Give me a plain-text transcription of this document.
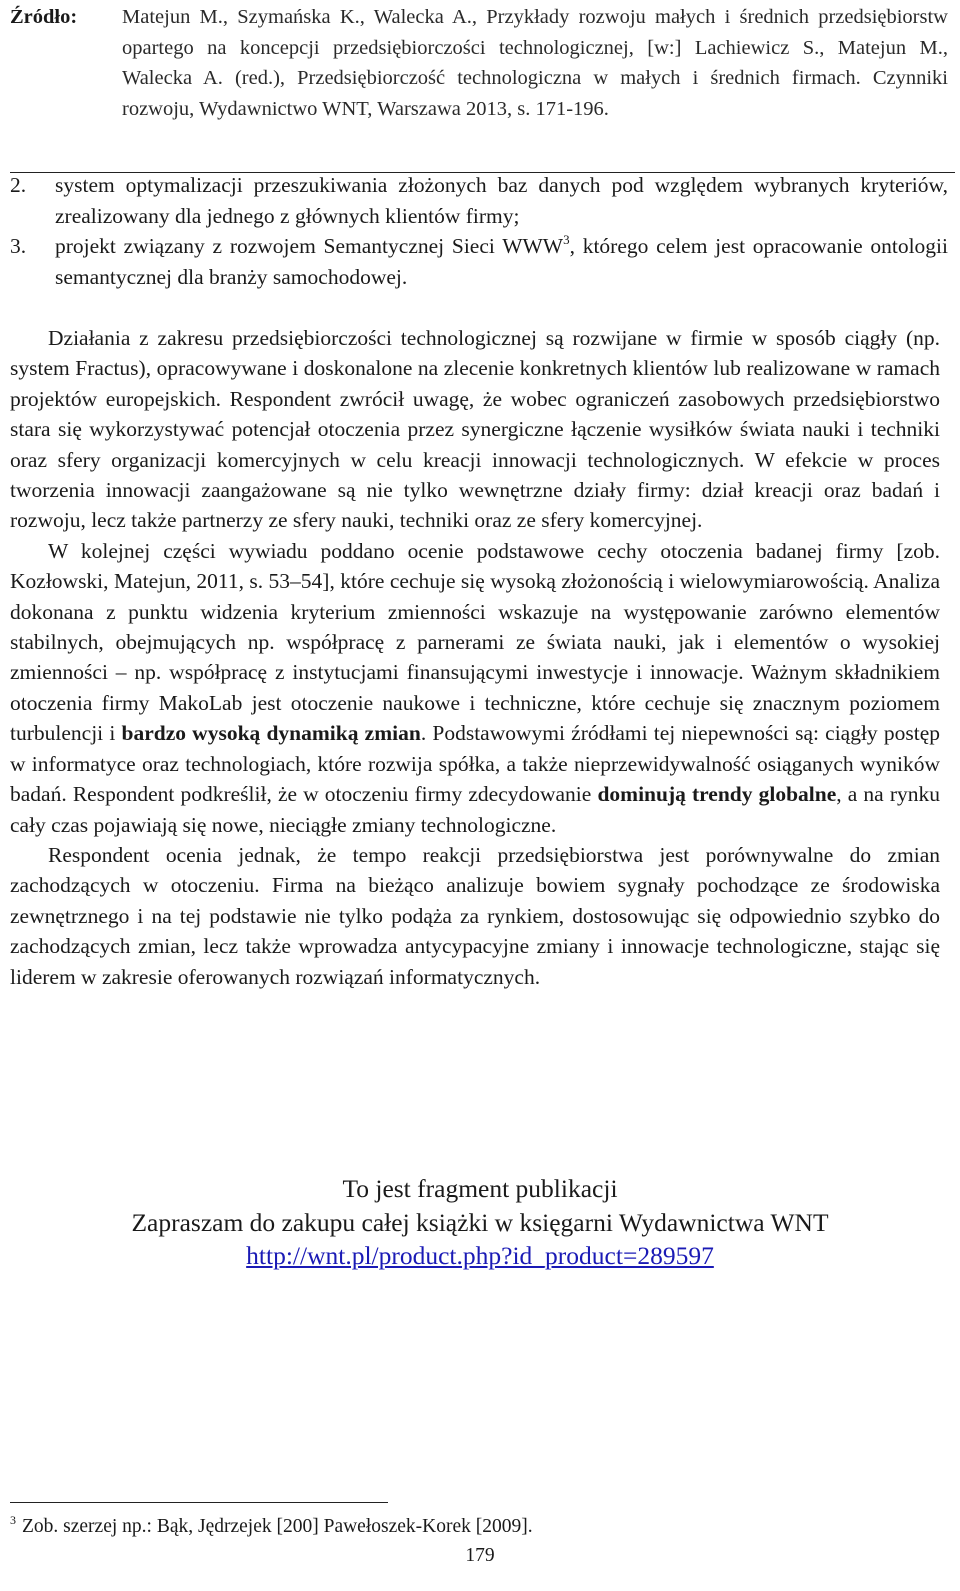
Źródło:	Matejun M., Szymańska K., Walecka A., Przykłady rozwoju małych i średnich przedsiębiorstw opartego na koncepcji przedsiębiorczości technologicznej, [w:] Lachiewicz S., Matejun M., Walecka A. (red.), Przedsiębiorczość technologiczna w małych i średnich firmach. Czynniki rozwoju, Wydawnictwo WNT, Warszawa 2013, s. 171-196.
2.	system optymalizacji przeszukiwania złożonych baz danych pod względem wybranych kryteriów, zrealizowany dla jednego z głównych klientów firmy;
3.	projekt związany z rozwojem Semantycznej Sieci WWW$^3$, którego celem jest opracowanie ontologii semantycznej dla branży samochodowej.

Działania z zakresu przedsiębiorczości technologicznej są rozwijane w firmie w sposób ciągły (np. system Fractus), opracowywane i doskonalone na zlecenie konkretnych klientów lub realizowane w ramach projektów europejskich. Respondent zwrócił uwagę, że wobec ograniczeń zasobowych przedsiębiorstwo stara się wykorzystywać potencjał otoczenia przez synergiczne łączenie wysiłków świata nauki i techniki oraz sfery organizacji komercyjnych w celu kreacji innowacji technologicznych. W efekcie w proces tworzenia innowacji zaangażowane są nie tylko wewnętrzne działy firmy: dział kreacji oraz badań i rozwoju, lecz także partnerzy ze sfery nauki, techniki oraz ze sfery komercyjnej.

W kolejnej części wywiadu poddano ocenie podstawowe cechy otoczenia badanej firmy [zob. Kozłowski, Matejun, 2011, s. 53–54], które cechuje się wysoką złożonością i wielowymiarowością. Analiza dokonana z punktu widzenia kryterium zmienności wskazuje na występowanie zarówno elementów stabilnych, obejmujących np. współpracę z parnerami ze świata nauki, jak i elementów o wysokiej zmienności – np. współpracę z instytucjami finansującymi inwestycje i innowacje. Ważnym składnikiem otoczenia firmy MakoLab jest otoczenie naukowe i techniczne, które cechuje się znacznym poziomem turbulencji i bardzo wysoką dynamiką zmian. Podstawowymi źródłami tej niepewności są: ciągły postęp w informatyce oraz technologiach, które rozwija spółka, a także nieprzewidywalność osiąganych wyników badań. Respondent podkreślił, że w otoczeniu firmy zdecydowanie dominują trendy globalne, a na rynku cały czas pojawiają się nowe, nieciągłe zmiany technologiczne.

Respondent ocenia jednak, że tempo reakcji przedsiębiorstwa jest porównywalne do zmian zachodzących w otoczeniu. Firma na bieżąco analizuje bowiem sygnały pochodzące ze środowiska zewnętrznego i na tej podstawie nie tylko podąża za rynkiem, dostosowując się odpowiednio szybko do zachodzących zmian, lecz także wprowadza antycypacyjne zmiany i innowacje technologiczne, stając się liderem w zakresie oferowanych rozwiązań informatycznych.

To jest fragment publikacji
Zapraszam do zakupu całej książki w księgarni Wydawnictwa WNT
http://wnt.pl/product.php?id_product=289597
$^3$ Zob. szerzej np.: Bąk, Jędrzejek [200] Pawełoszek-Korek [2009].
179
